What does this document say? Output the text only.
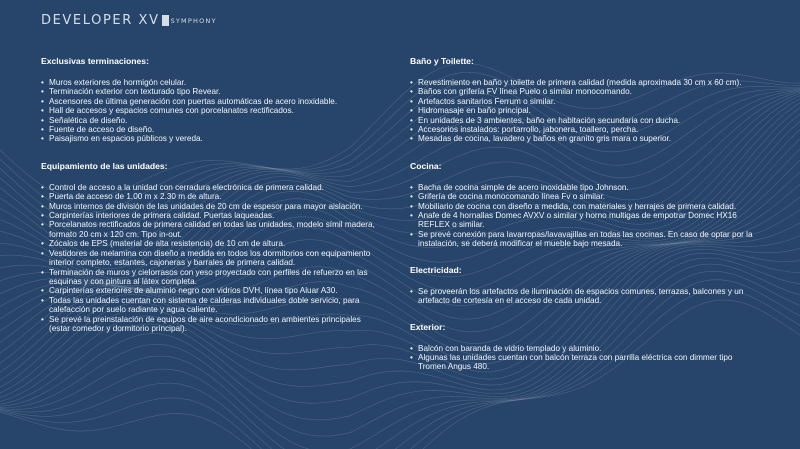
DEVELOPER XV SYMPHONY
Exclusivas terminaciones:
• Muros exteriores de hormigón celular.
• Terminación exterior con texturado tipo Revear.
• Ascensores de última generación con puertas automáticas de acero inoxidable.
• Hall de accesos y espacios comunes con porcelanatos rectificados.
• Señalética de diseño.
• Fuente de acceso de diseño.
• Paisajismo en espacios públicos y vereda.
Equipamiento de las unidades:
• Control de acceso a la unidad con cerradura electrónica de primera calidad.
• Puerta de acceso de 1.00 m x 2.30 m de altura.
• Muros internos de división de las unidades de 20 cm de espesor para mayor aislación.
• Carpinterías interiores de primera calidad. Puertas laqueadas.
• Porcelanatos rectificados de primera calidad en todas las unidades, modelo símil madera, formato 20 cm x 120 cm. Tipo in-out.
• Zócalos de EPS (material de alta resistencia) de 10 cm de altura.
• Vestidores de melamina con diseño a medida en todos los dormitorios con equipamiento interior completo, estantes, cajoneras y barrales de primera calidad.
• Terminación de muros y cielorrasos con yeso proyectado con perfiles de refuerzo en las esquinas y con pintura al látex completa.
• Carpinterías exteriores de aluminio negro con vidrios DVH, línea tipo Aluar A30.
• Todas las unidades cuentan con sistema de calderas individuales doble servicio, para calefacción por suelo radiante y agua caliente.
• Se prevé la preinstalación de equipos de aire acondicionado en ambientes principales (estar comedor y dormitorio principal).
Baño y Toilette:
• Revestimiento en baño y toilette de primera calidad (medida aproximada 30 cm x 60 cm).
• Baños con grifería FV línea Puelo o similar monocomando.
• Artefactos sanitarios Ferrum o similar.
• Hidromasaje en baño principal.
• En unidades de 3 ambientes, baño en habitación secundaria con ducha.
• Accesorios instalados: portarrollo, jabonera, toallero, percha.
• Mesadas de cocina, lavadero y baños en granito gris mara o superior.
Cocina:
• Bacha de cocina simple de acero inoxidable tipo Johnson.
• Grifería de cocina monocomando línea Fv o similar.
• Mobiliario de cocina con diseño a medida, con materiales y herrajes de primera calidad.
• Anafe de 4 hornallas Domec AVXV o similar y horno multigas de empotrar Domec HX16 REFLEX o similar.
• Se prevé conexión para lavarropas/lavavajillas en todas las cocinas. En caso de optar por la instalación, se deberá modificar el mueble bajo mesada.
Electricidad:
• Se proveerán los artefactos de iluminación de espacios comunes, terrazas, balcones y un artefacto de cortesía en el acceso de cada unidad.
Exterior:
• Balcón con baranda de vidrio templado y aluminio.
• Algunas las unidades cuentan con balcón terraza con parrilla eléctrica con dimmer tipo Tromen Angus 480.
